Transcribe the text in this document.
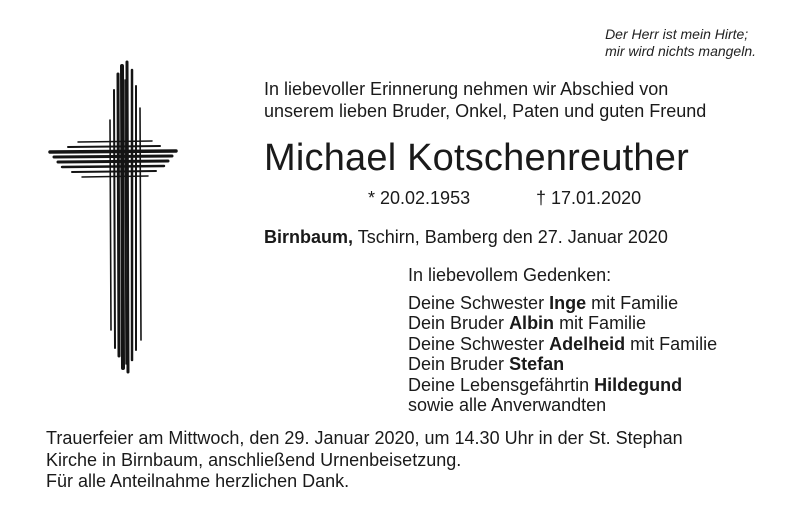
Der Herr ist mein Hirte;
mir wird nichts mangeln.
In liebevoller Erinnerung nehmen wir Abschied von
unserem lieben Bruder, Onkel, Paten und guten Freund
Michael Kotschenreuther
* 20.02.1953	† 17.01.2020
Birnbaum, Tschirn, Bamberg den 27. Januar 2020
In liebevollem Gedenken:
Deine Schwester Inge mit Familie
Dein Bruder Albin mit Familie
Deine Schwester Adelheid mit Familie
Dein Bruder Stefan
Deine Lebensgefährtin Hildegund
sowie alle Anverwandten
Trauerfeier am Mittwoch, den 29. Januar 2020, um 14.30 Uhr in der St. Stephan
Kirche in Birnbaum, anschließend Urnenbeisetzung.
Für alle Anteilnahme herzlichen Dank.
